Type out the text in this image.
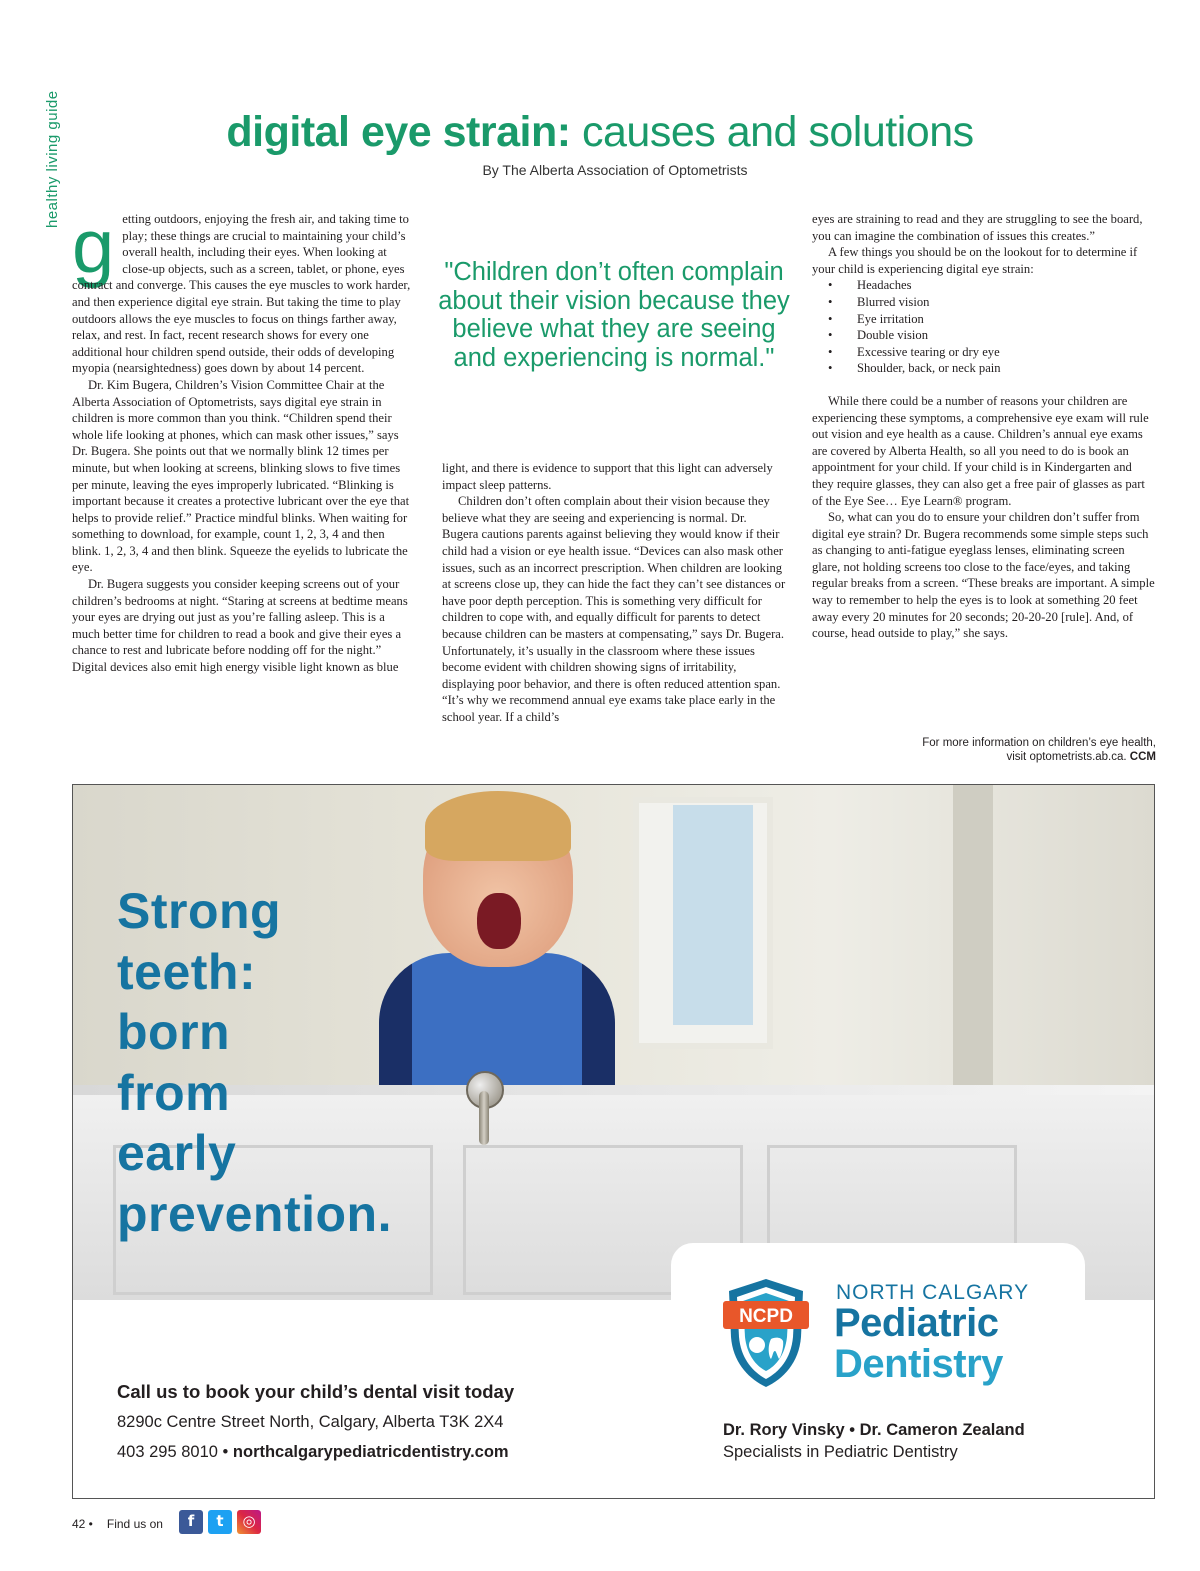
healthy living guide	digital eye strain: causes and solutions
By The Alberta Association of Optometrists
g etting outdoors, enjoying the fresh air, and taking time to play; these things are crucial to maintaining your child’s overall health, including their eyes. When looking at close-up objects, such as a screen, tablet, or phone, eyes contract and converge. This causes the eye muscles to work harder, and then experience digital eye strain. But taking the time to play outdoors allows the eye muscles to focus on things farther away, relax, and rest. In fact, recent research shows for every one additional hour children spend outside, their odds of developing myopia (nearsightedness) goes down by about 14 percent.

Dr. Kim Bugera, Children’s Vision Committee Chair at the Alberta Association of Optometrists, says digital eye strain in children is more common than you think. “Children spend their whole life looking at phones, which can mask other issues,” says Dr. Bugera. She points out that we normally blink 12 times per minute, but when looking at screens, blinking slows to five times per minute, leaving the eyes improperly lubricated. “Blinking is important because it creates a protective lubricant over the eye that helps to provide relief.” Practice mindful blinks. When waiting for something to download, for example, count 1, 2, 3, 4 and then blink. 1, 2, 3, 4 and then blink. Squeeze the eyelids to lubricate the eye.

Dr. Bugera suggests you consider keeping screens out of your children’s bedrooms at night. “Staring at screens at bedtime means your eyes are drying out just as you’re falling asleep. This is a much better time for children to read a book and give their eyes a chance to rest and lubricate before nodding off for the night.” Digital devices also emit high energy visible light known as blue

"Children don’t often complain about their vision because they believe what they are seeing and experiencing is normal."

light, and there is evidence to support that this light can adversely impact sleep patterns.

Children don’t often complain about their vision because they believe what they are seeing and experiencing is normal. Dr. Bugera cautions parents against believing they would know if their child had a vision or eye health issue. “Devices can also mask other issues, such as an incorrect prescription. When children are looking at screens close up, they can hide the fact they can’t see distances or have poor depth perception. This is something very difficult for children to cope with, and equally difficult for parents to detect because children can be masters at compensating,” says Dr. Bugera. Unfortunately, it’s usually in the classroom where these issues become evident with children showing signs of irritability, displaying poor behavior, and there is often reduced attention span. “It’s why we recommend annual eye exams take place early in the school year. If a child’s

eyes are straining to read and they are struggling to see the board, you can imagine the combination of issues this creates.”

A few things you should be on the lookout for to determine if your child is experiencing digital eye strain:

• Headaches
• Blurred vision
• Eye irritation
• Double vision
• Excessive tearing or dry eye
• Shoulder, back, or neck pain

While there could be a number of reasons your children are experiencing these symptoms, a comprehensive eye exam will rule out vision and eye health as a cause. Children’s annual eye exams are covered by Alberta Health, so all you need to do is book an appointment for your child. If your child is in Kindergarten and they require glasses, they can also get a free pair of glasses as part of the Eye See… Eye Learn® program.

So, what can you do to ensure your children don’t suffer from digital eye strain? Dr. Bugera recommends some simple steps such as changing to anti-fatigue eyeglass lenses, eliminating screen glare, not holding screens too close to the face/eyes, and taking regular breaks from a screen. “These breaks are important. A simple way to remember to help the eyes is to look at something 20 feet away every 20 minutes for 20 seconds; 20-20-20 [rule]. And, of course, head outside to play,” she says.

For more information on children’s eye health,
visit optometrists.ab.ca. CCM
Strong
teeth:
born
from
early
prevention.
NCPD
NORTH CALGARY
Pediatric
Dentistry
Call us to book your child’s dental visit today
8290c Centre Street North, Calgary, Alberta T3K 2X4
403 295 8010 • northcalgarypediatricdentistry.com
Dr. Rory Vinsky • Dr. Cameron Zealand
Specialists in Pediatric Dentistry
42 • Find us on	f	t	◎
